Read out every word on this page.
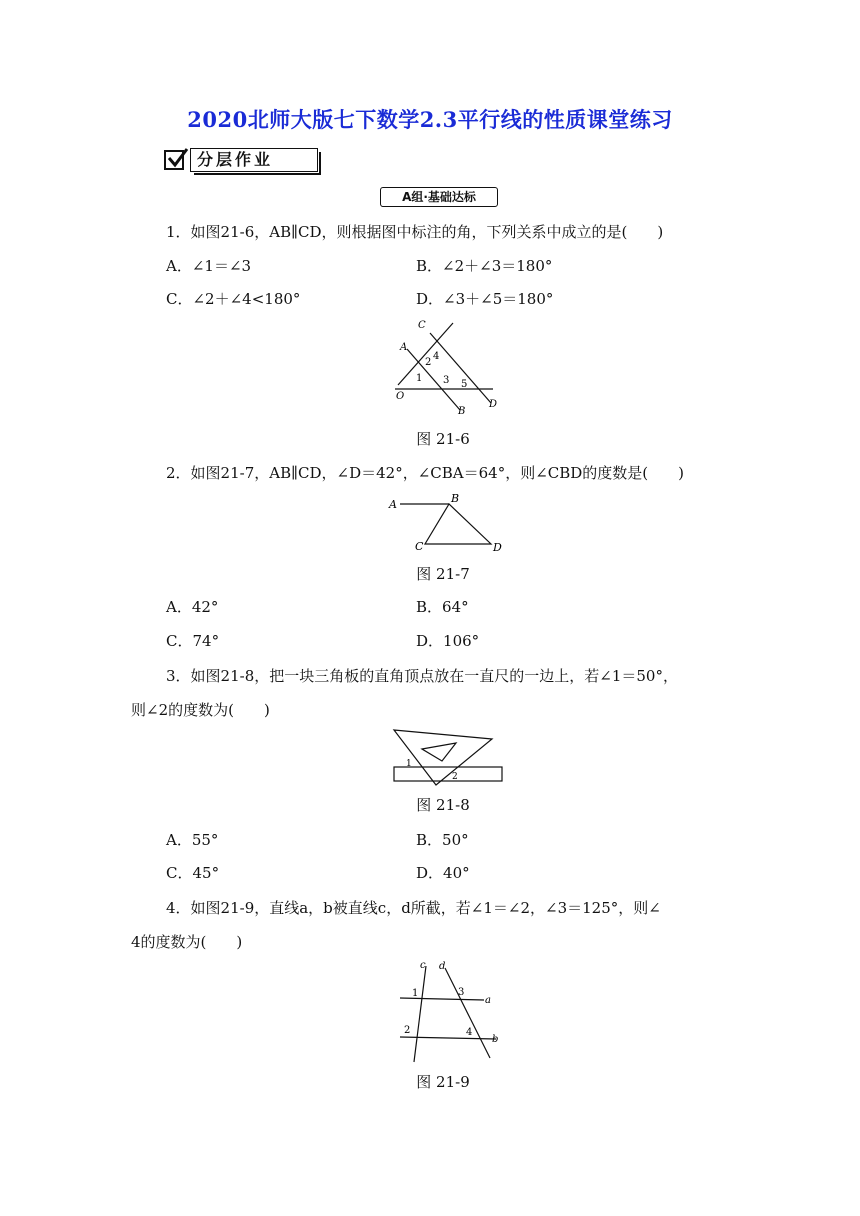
2020北师大版七下数学2.3平行线的性质课堂练习
分层作业
A组·基础达标
1．如图21-6，AB∥CD，则根据图中标注的角，下列关系中成立的是(　　)
A．∠1＝∠3	B．∠2＋∠3＝180°
C．∠2＋∠4<180°	D．∠3＋∠5＝180°
C
A
4
2
1 3 5
O
B
D
图 21-6
2．如图21-7，AB∥CD，∠D＝42°，∠CBA＝64°，则∠CBD的度数是(　　)
A	B
C	D
图 21-7
A．42°	B．64°
C．74°	D．106°
3．如图21-8，把一块三角板的直角顶点放在一直尺的一边上，若∠1＝50°，
则∠2的度数为(　　)
1
2
图 21-8
A．55°	B．50°
C．45°	D．40°
4．如图21-9，直线a，b被直线c，d所截，若∠1＝∠2，∠3＝125°，则∠
4的度数为(　　)
c d
1	3
a
2	4
b
图 21-9
